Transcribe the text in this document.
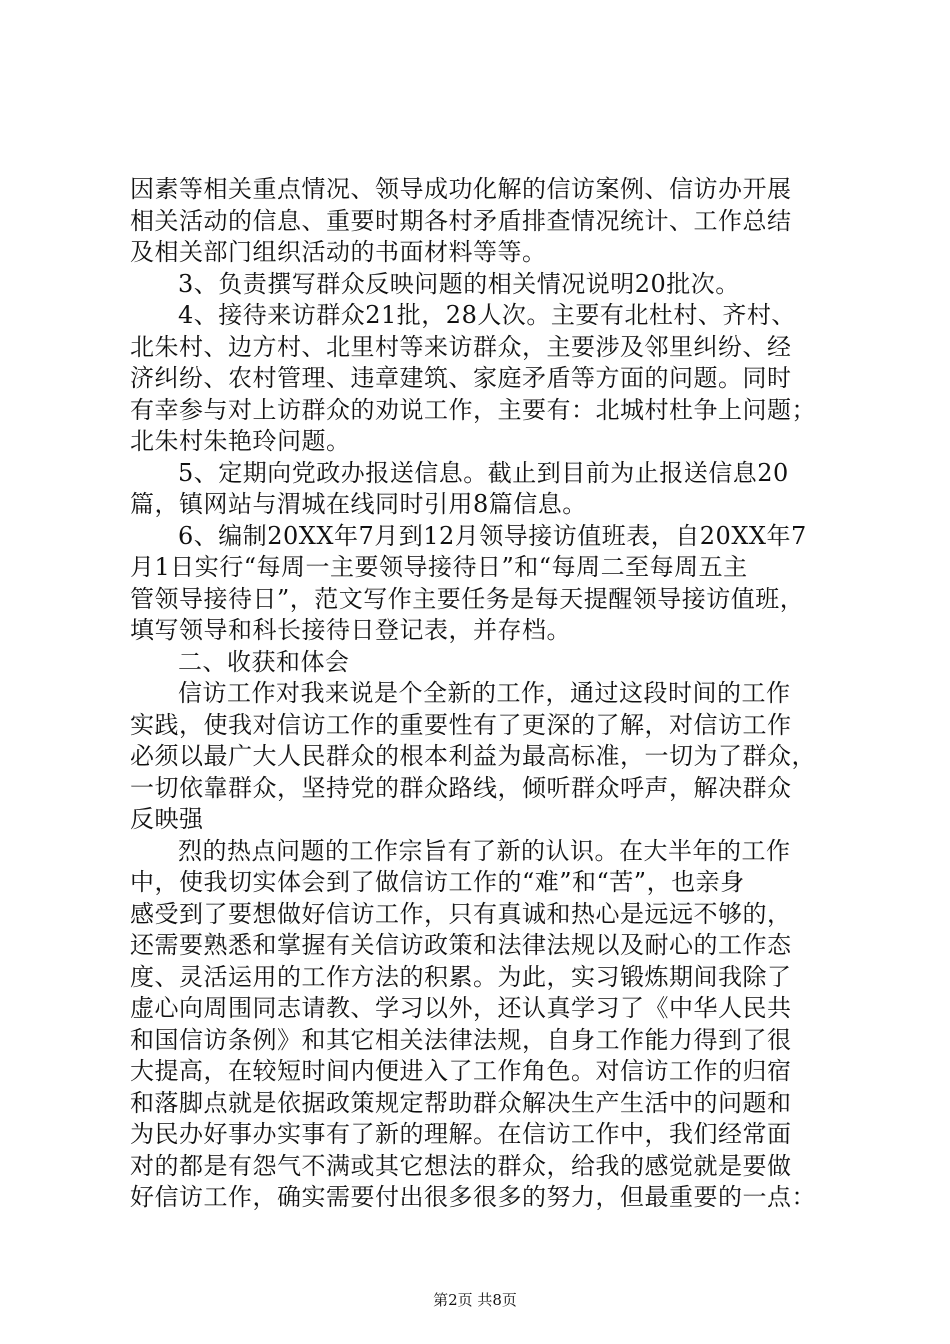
因素等相关重点情况、领导成功化解的信访案例、信访办开展
相关活动的信息、重要时期各村矛盾排查情况统计、工作总结
及相关部门组织活动的书面材料等等。
3、负责撰写群众反映问题的相关情况说明20批次。
4、接待来访群众21批，28人次。主要有北杜村、齐村、
北朱村、边方村、北里村等来访群众，主要涉及邻里纠纷、经
济纠纷、农村管理、违章建筑、家庭矛盾等方面的问题。同时
有幸参与对上访群众的劝说工作，主要有：北城村杜争上问题；
北朱村朱艳玲问题。
5、定期向党政办报送信息。截止到目前为止报送信息20
篇，镇网站与渭城在线同时引用8篇信息。
6、编制20XX年7月到12月领导接访值班表，自20XX年7
月1日实行“每周一主要领导接待日”和“每周二至每周五主
管领导接待日”，范文写作主要任务是每天提醒领导接访值班，
填写领导和科长接待日登记表，并存档。
二、收获和体会
信访工作对我来说是个全新的工作，通过这段时间的工作
实践，使我对信访工作的重要性有了更深的了解，对信访工作
必须以最广大人民群众的根本利益为最高标准，一切为了群众，
一切依靠群众，坚持党的群众路线，倾听群众呼声，解决群众
反映强
烈的热点问题的工作宗旨有了新的认识。在大半年的工作
中，使我切实体会到了做信访工作的“难”和“苦”，也亲身
感受到了要想做好信访工作，只有真诚和热心是远远不够的，
还需要熟悉和掌握有关信访政策和法律法规以及耐心的工作态
度、灵活运用的工作方法的积累。为此，实习锻炼期间我除了
虚心向周围同志请教、学习以外，还认真学习了《中华人民共
和国信访条例》和其它相关法律法规，自身工作能力得到了很
大提高，在较短时间内便进入了工作角色。对信访工作的归宿
和落脚点就是依据政策规定帮助群众解决生产生活中的问题和
为民办好事办实事有了新的理解。在信访工作中，我们经常面
对的都是有怨气不满或其它想法的群众，给我的感觉就是要做
好信访工作，确实需要付出很多很多的努力，但最重要的一点：
第2页 共8页
